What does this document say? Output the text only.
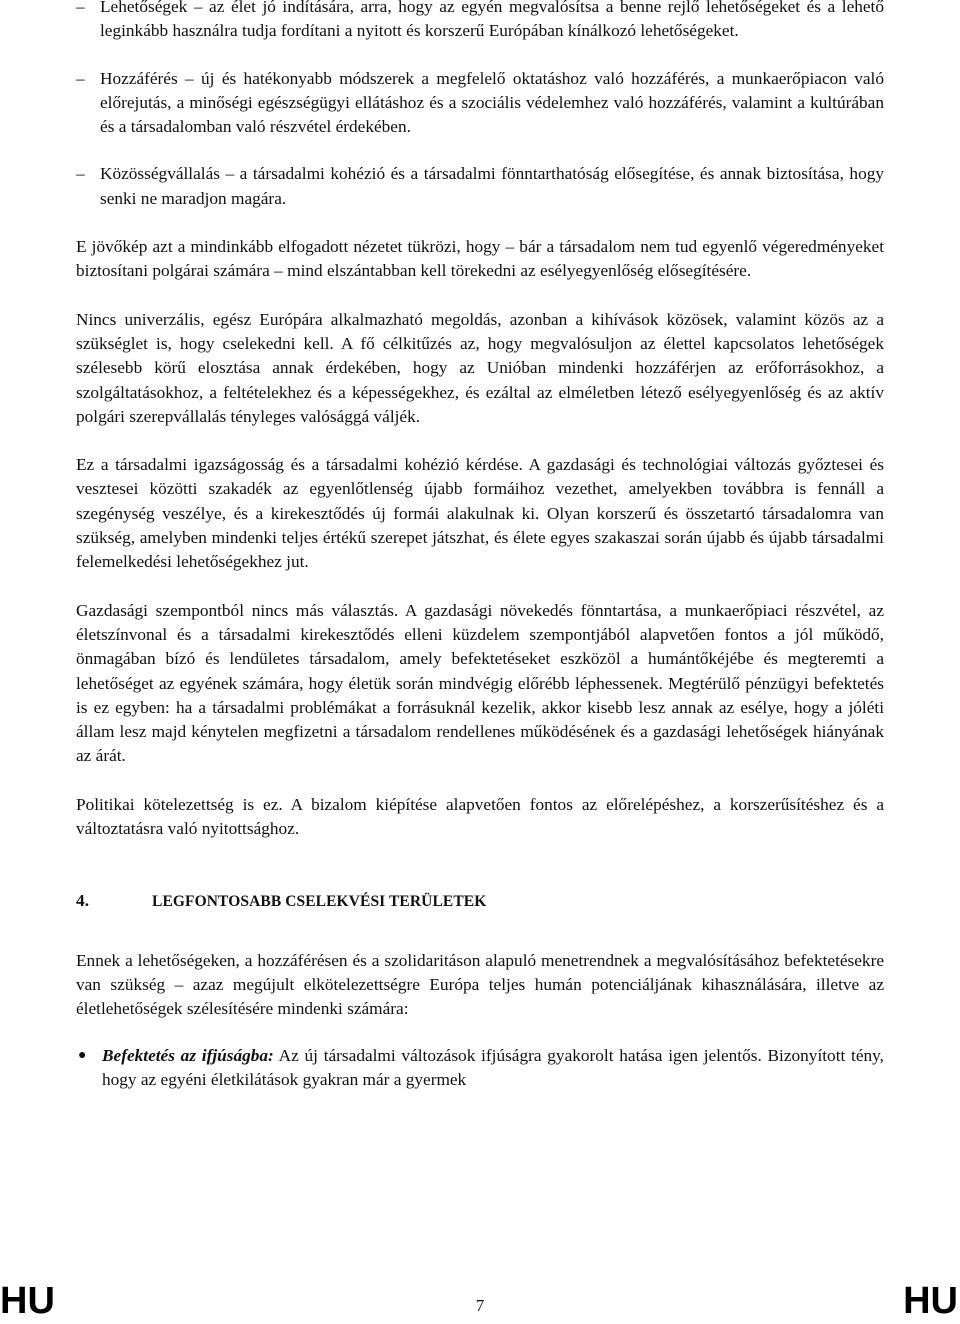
– Lehetőségek – az élet jó indítására, arra, hogy az egyén megvalósítsa a benne rejlő lehetőségeket és a lehető leginkább használra tudja fordítani a nyitott és korszerű Európában kínálkozó lehetőségeket.
– Hozzáférés – új és hatékonyabb módszerek a megfelelő oktatáshoz való hozzáférés, a munkaerőpiacon való előrejutás, a minőségi egészségügyi ellátáshoz és a szociális védelemhez való hozzáférés, valamint a kultúrában és a társadalomban való részvétel érdekében.
– Közösségvállalás – a társadalmi kohézió és a társadalmi fönntarthatóság elősegítése, és annak biztosítása, hogy senki ne maradjon magára.

E jövőkép azt a mindinkább elfogadott nézetet tükrözi, hogy – bár a társadalom nem tud egyenlő végeredményeket biztosítani polgárai számára – mind elszántabban kell törekedni az esélyegyenlőség elősegítésére.

Nincs univerzális, egész Európára alkalmazható megoldás, azonban a kihívások közösek, valamint közös az a szükséglet is, hogy cselekedni kell. A fő célkitűzés az, hogy megvalósuljon az élettel kapcsolatos lehetőségek szélesebb körű elosztása annak érdekében, hogy az Unióban mindenki hozzáférjen az erőforrásokhoz, a szolgáltatásokhoz, a feltételekhez és a képességekhez, és ezáltal az elméletben létező esélyegyenlőség és az aktív polgári szerepvállalás tényleges valósággá váljék.

Ez a társadalmi igazságosság és a társadalmi kohézió kérdése. A gazdasági és technológiai változás győztesei és vesztesei közötti szakadék az egyenlőtlenség újabb formáihoz vezethet, amelyekben továbbra is fennáll a szegénység veszélye, és a kirekesztődés új formái alakulnak ki. Olyan korszerű és összetartó társadalomra van szükség, amelyben mindenki teljes értékű szerepet játszhat, és élete egyes szakaszai során újabb és újabb társadalmi felemelkedési lehetőségekhez jut.

Gazdasági szempontból nincs más választás. A gazdasági növekedés fönntartása, a munkaerőpiaci részvétel, az életszínvonal és a társadalmi kirekesztődés elleni küzdelem szempontjából alapvetően fontos a jól működő, önmagában bízó és lendületes társadalom, amely befektetéseket eszközöl a humántőkéjébe és megteremti a lehetőséget az egyének számára, hogy életük során mindvégig előrébb léphessenek. Megtérülő pénzügyi befektetés is ez egyben: ha a társadalmi problémákat a forrásuknál kezelik, akkor kisebb lesz annak az esélye, hogy a jóléti állam lesz majd kénytelen megfizetni a társadalom rendellenes működésének és a gazdasági lehetőségek hiányának az árát.

Politikai kötelezettség is ez. A bizalom kiépítése alapvetően fontos az előrelépéshez, a korszerűsítéshez és a változtatásra való nyitottsághoz.

4.	LEGFONTOSABB CSELEKVÉSI TERÜLETEK

Ennek a lehetőségeken, a hozzáférésen és a szolidaritáson alapuló menetrendnek a megvalósításához befektetésekre van szükség – azaz megújult elkötelezettségre Európa teljes humán potenciáljának kihasználására, illetve az életlehetőségek szélesítésére mindenki számára:

● Befektetés az ifjúságba: Az új társadalmi változások ifjúságra gyakorolt hatása igen jelentős. Bizonyított tény, hogy az egyéni életkilátások gyakran már a gyermek
HU	7	HU
